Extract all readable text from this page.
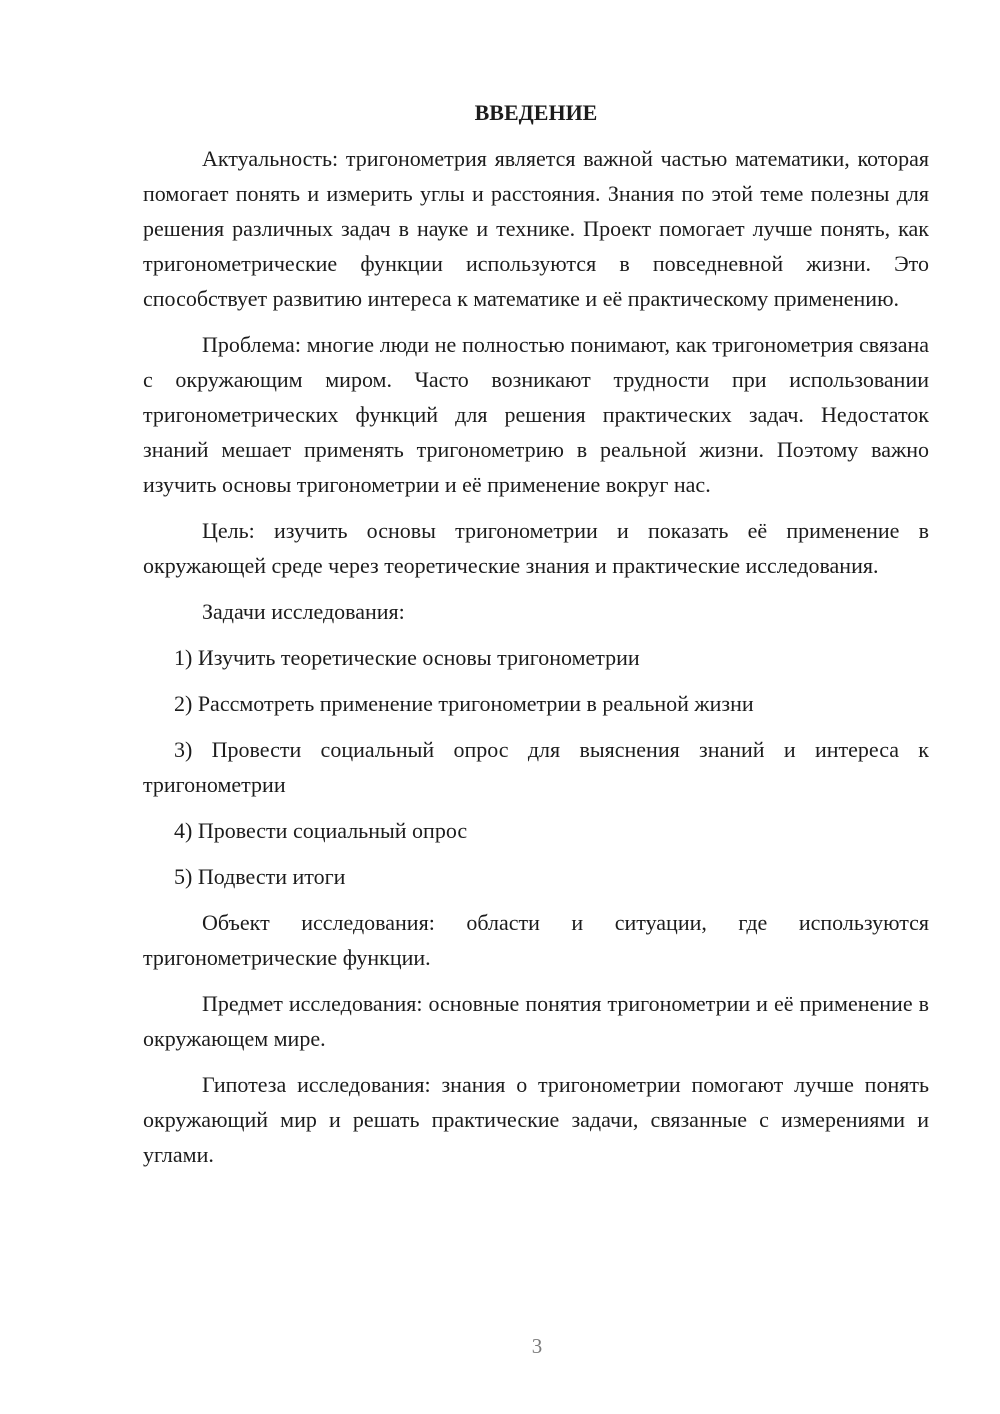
ВВЕДЕНИЕ

Актуальность: тригонометрия является важной частью математики, которая помогает понять и измерить углы и расстояния. Знания по этой теме полезны для решения различных задач в науке и технике. Проект помогает лучше понять, как тригонометрические функции используются в повседневной жизни. Это способствует развитию интереса к математике и её практическому применению.

Проблема: многие люди не полностью понимают, как тригонометрия связана с окружающим миром. Часто возникают трудности при использовании тригонометрических функций для решения практических задач. Недостаток знаний мешает применять тригонометрию в реальной жизни. Поэтому важно изучить основы тригонометрии и её применение вокруг нас.

Цель: изучить основы тригонометрии и показать её применение в окружающей среде через теоретические знания и практические исследования.

Задачи исследования:

1) Изучить теоретические основы тригонометрии

2) Рассмотреть применение тригонометрии в реальной жизни

3) Провести социальный опрос для выяснения знаний и интереса к тригонометрии

4) Провести социальный опрос

5) Подвести итоги

Объект исследования: области и ситуации, где используются тригонометрические функции.

Предмет исследования: основные понятия тригонометрии и её применение в окружающем мире.

Гипотеза исследования: знания о тригонометрии помогают лучше понять окружающий мир и решать практические задачи, связанные с измерениями и углами.

3
